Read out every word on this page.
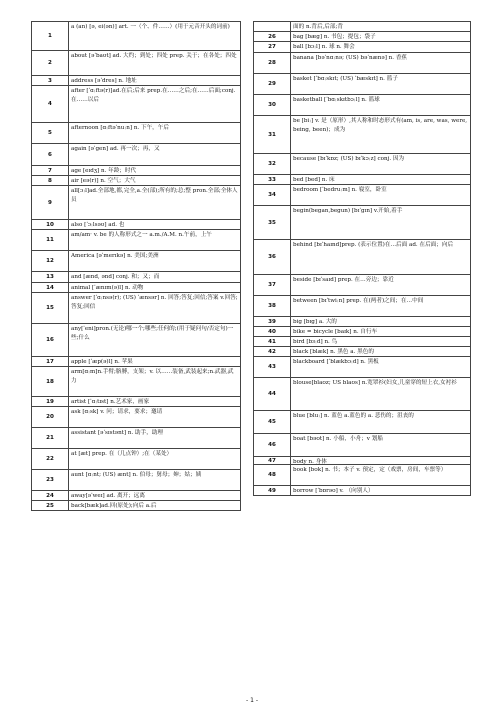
1
a (an) [ə, ei(ən)] art. 一（个、件……）(用于元音开头的词前)
2
about [əˈbaʊt] ad. 大约；到处；四处 prep. 关于；在各处；四处
3	address [əˈdres] n. 地址
4
after [ˈɑːftə(r)]ad.在后;后来 prep.在……之后;在……后面;conj. 在……以后
5
afternoon [ɑːftəˈnuːn] n. 下午，午后
6
again [əˈgen] ad. 再一次；再，又
7	age [eɪdʒ] n. 年龄；时代
8	air [eə(r)] n. 空气；大气
9
all[ɔːl]ad.全部地,都,完全,a.全(部);所有的;总;整 pron.全部;全体人员
10	also [ˈɔːlsəʊ] ad. 也
11
am/am· v. be 的人称形式之一 a.m./A.M. n.午前，上午
12
America [əˈmerɪkə] n. 美国;美洲
13	and [ænd, ənd] conj. 和；又；而
14	animal [ˈænɪm(ə)l] n. 动物
15
answer [ˈɑːnsə(r); (US) ˈænsər] n. 回答;答复;回信;答案 v.回答;答复;回信
16
any[ˈeni]pron.(无论)哪一个;哪些;任何的;(用于疑问句/否定句)一些;什么
17	apple [ˈæp(ə)l] n. 苹果
18
arm[ɑːm]n.手臂;胳膊，支架；v. 以……装备,武装起来;n.武器,武力
19	artist [ˈɑːtɪst] n.艺术家，画家
20
ask [ɑːsk] v. 问；请求，要求；邀请
21
assistant [əˈsɪstənt] n. 助手，助理
22
at [æt] prep. 在（几点钟）;在（某处）
23
aunt [ɑːnt; (US) ænt] n. 伯母；舅母；婶；姑；姨
24	away[əˈweɪ] ad. 离开；远离
25	back[bæk]ad.回(原处);向后 a.后
面的 n.背后,后部;背
26	bag [bæg] n. 书包；提包；袋子
27	ball [bɔːl] n. 球 n. 舞会
28
banana [bəˈnɑːnə; (US) bəˈnænə] n. 香蕉
29
basket [ˈbɑːskɪt; (US) ˈbæskɪt] n. 篮子
30
basketball [ˈbɑːskɪtbɔːl] n. 篮球
31
be [biː] v. 是（原形）,其人称和时态形式有(am, is, are, was, were, being, been)；成为
32
because [bɪˈkɒz; (US) bɪˈkɔːz] conj. 因为
33	bed [bed] n. 床
34
bedroom [ˈbedruːm] n. 寝室，卧室
35
begin(began,begun) [bɪˈgɪn] v.开始,着手
36
behind [bɪˈhaɪnd]prep. (表示位置)在…后面 ad. 在后面；向后
37
beside [bɪˈsaɪd] prep. 在…旁边；靠近
38
between [bɪˈtwiːn] prep. 在(两者)之间；在…中间
39	big [bɪg] a. 大的
40	bike = bicycle [baɪk] n. 自行车
41	bird [bɜːd] n. 鸟
42	black [blæk] n. 黑色 a. 黑色的
43
blackboard [ˈblækbɔːd] n. 黑板
44
blouse[blaʊz; US blaʊs] n.宽罩衫(妇女,儿童穿的短上衣,女衬衫
45
blue [bluː] n. 蓝色 a.蓝色的 a. 悲伤的；沮丧的
46
boat [bəʊt] n. 小船，小舟；v 划船
47	body n. 身体
48
book [bʊk] n. 书；本子 v. 预定，定（戏票，房间，车票等）
49	borrow [ˈbɒrəʊ] v. （向别人）
- 1 -
